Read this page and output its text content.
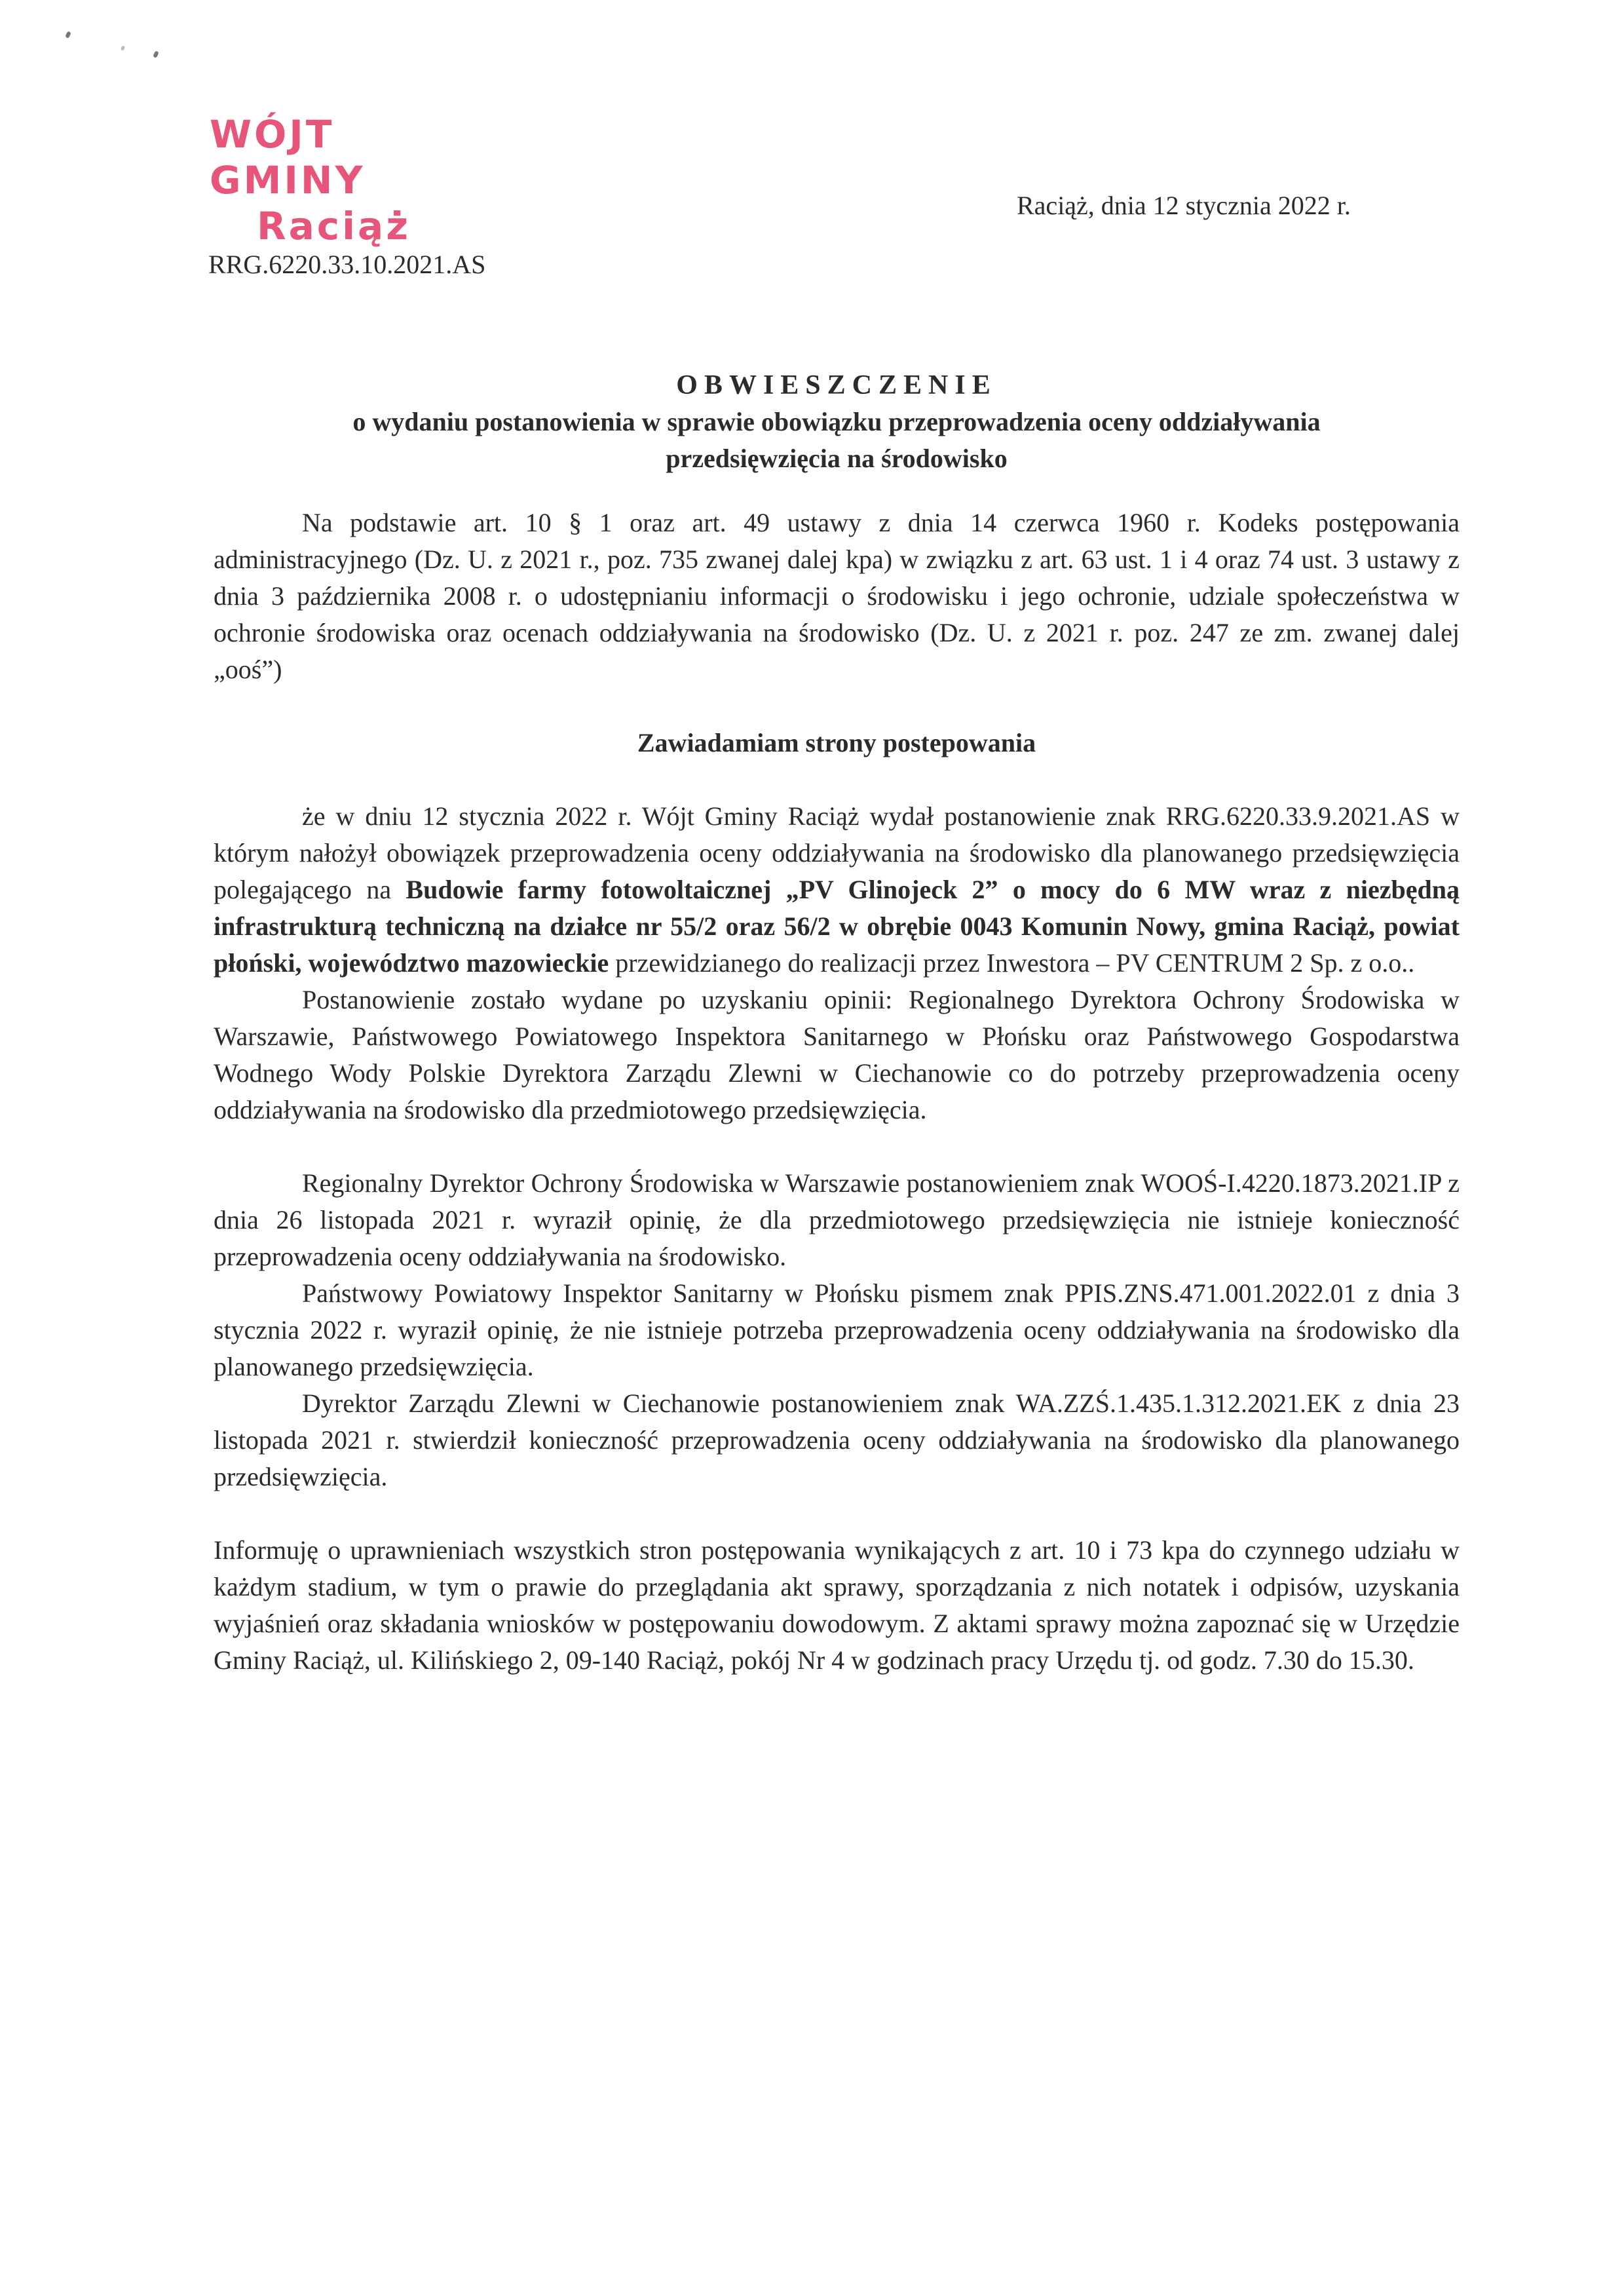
WÓJT GMINY
Raciąż	Raciąż, dnia 12 stycznia 2022 r.
RRG.6220.33.10.2021.AS

OBWIESZCZENIE

o wydaniu postanowienia w sprawie obowiązku przeprowadzenia oceny oddziaływania

przedsięwzięcia na środowisko

Na podstawie art. 10 § 1 oraz art. 49 ustawy z dnia 14 czerwca 1960 r. Kodeks postępowania administracyjnego (Dz. U. z 2021 r., poz. 735 zwanej dalej kpa) w związku z art. 63 ust. 1 i 4 oraz 74 ust. 3 ustawy z dnia 3 października 2008 r. o udostępnianiu informacji o środowisku i jego ochronie, udziale społeczeństwa w ochronie środowiska oraz ocenach oddziaływania na środowisko (Dz. U. z 2021 r. poz. 247 ze zm. zwanej dalej „ooś”)

Zawiadamiam strony postepowania

że w dniu 12 stycznia 2022 r. Wójt Gminy Raciąż wydał postanowienie znak RRG.6220.33.9.2021.AS w którym nałożył obowiązek przeprowadzenia oceny oddziaływania na środowisko dla planowanego przedsięwzięcia polegającego na Budowie farmy fotowoltaicznej „PV Glinojeck 2” o mocy do 6 MW wraz z niezbędną infrastrukturą techniczną na działce nr 55/2 oraz 56/2 w obrębie 0043 Komunin Nowy, gmina Raciąż, powiat płoński, województwo mazowieckie przewidzianego do realizacji przez Inwestora – PV CENTRUM 2 Sp. z o.o..

Postanowienie zostało wydane po uzyskaniu opinii: Regionalnego Dyrektora Ochrony Środowiska w Warszawie, Państwowego Powiatowego Inspektora Sanitarnego w Płońsku oraz Państwowego Gospodarstwa Wodnego Wody Polskie Dyrektora Zarządu Zlewni w Ciechanowie co do potrzeby przeprowadzenia oceny oddziaływania na środowisko dla przedmiotowego przedsięwzięcia.

Regionalny Dyrektor Ochrony Środowiska w Warszawie postanowieniem znak WOOŚ-I.4220.1873.2021.IP z dnia 26 listopada 2021 r. wyraził opinię, że dla przedmiotowego przedsięwzięcia nie istnieje konieczność przeprowadzenia oceny oddziaływania na środowisko.

Państwowy Powiatowy Inspektor Sanitarny w Płońsku pismem znak PPIS.ZNS.471.001.2022.01 z dnia 3 stycznia 2022 r. wyraził opinię, że nie istnieje potrzeba przeprowadzenia oceny oddziaływania na środowisko dla planowanego przedsięwzięcia.

Dyrektor Zarządu Zlewni w Ciechanowie postanowieniem znak WA.ZZŚ.1.435.1.312.2021.EK z dnia 23 listopada 2021 r. stwierdził konieczność przeprowadzenia oceny oddziaływania na środowisko dla planowanego przedsięwzięcia.

Informuję o uprawnieniach wszystkich stron postępowania wynikających z art. 10 i 73 kpa do czynnego udziału w każdym stadium, w tym o prawie do przeglądania akt sprawy, sporządzania z nich notatek i odpisów, uzyskania wyjaśnień oraz składania wniosków w postępowaniu dowodowym. Z aktami sprawy można zapoznać się w Urzędzie Gminy Raciąż, ul. Kilińskiego 2, 09-140 Raciąż, pokój Nr 4 w godzinach pracy Urzędu tj. od godz. 7.30 do 15.30.
